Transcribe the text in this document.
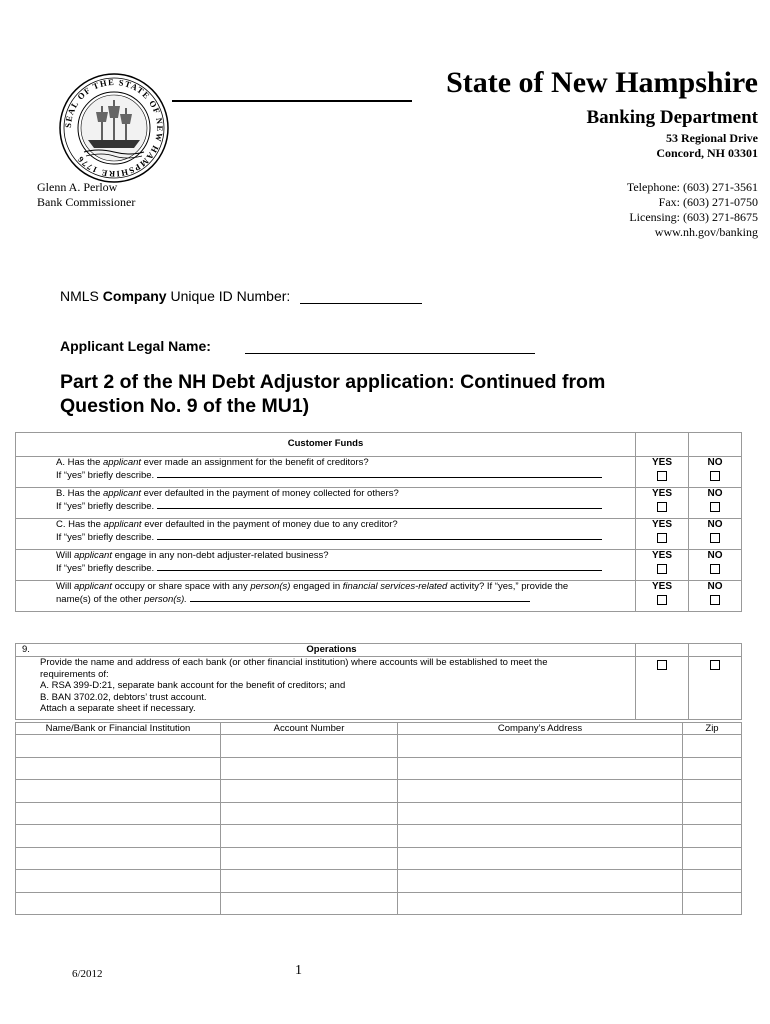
SEAL OF THE STATE OF NEW HAMPSHIRE 1776
State of New Hampshire
Banking Department
53 Regional Drive
Concord, NH 03301
Glenn A. Perlow
Bank Commissioner
Telephone: (603) 271-3561
Fax: (603) 271-0750
Licensing: (603) 271-8675
www.nh.gov/banking
NMLS Company Unique ID Number:
Applicant Legal Name:
Part 2 of the NH Debt Adjustor application: Continued from Question No. 9 of the MU1)
Customer Funds		

A. Has the applicant ever made an assignment for the benefit of creditors?
If “yes” briefly describe.	YES	NO

B. Has the applicant ever defaulted in the payment of money collected for others?
If “yes” briefly describe.	YES	NO

C. Has the applicant ever defaulted in the payment of money due to any creditor?
If “yes” briefly describe.	YES	NO

Will applicant engage in any non-debt adjuster-related business?
If “yes” briefly describe.	YES	NO

Will applicant occupy or share space with any person(s) engaged in financial services-related activity? If “yes,” provide the
name(s) of the other person(s).	YES	NO
9. Operations		

Provide the name and address of each bank (or other financial institution) where accounts will be established to meet the
requirements of:
A. RSA 399-D:21, separate bank account for the benefit of creditors; and
B. BAN 3702.02, debtors’ trust account.
Attach a separate sheet if necessary.		

Name/Bank or Financial Institution	Account Number	Company’s Address	Zip

6/2012	1
